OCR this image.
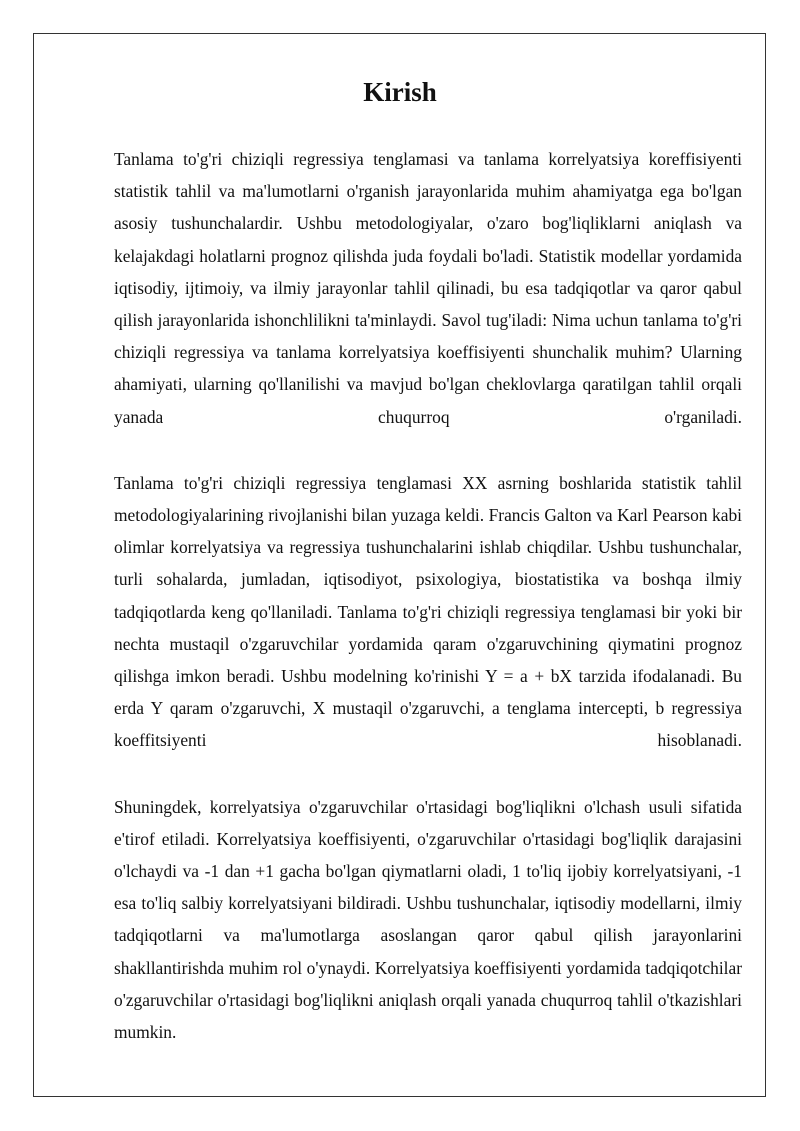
Kirish

Tanlama to'g'ri chiziqli regressiya tenglamasi va tanlama korrelyatsiya koreffisiyenti statistik tahlil va ma'lumotlarni o'rganish jarayonlarida muhim ahamiyatga ega bo'lgan asosiy tushunchalardir. Ushbu metodologiyalar, o'zaro bog'liqliklarni aniqlash va kelajakdagi holatlarni prognoz qilishda juda foydali bo'ladi. Statistik modellar yordamida iqtisodiy, ijtimoiy, va ilmiy jarayonlar tahlil qilinadi, bu esa tadqiqotlar va qaror qabul qilish jarayonlarida ishonchlilikni ta'minlaydi. Savol tug'iladi: Nima uchun tanlama to'g'ri chiziqli regressiya va tanlama korrelyatsiya koeffisiyenti shunchalik muhim? Ularning ahamiyati, ularning qo'llanilishi va mavjud bo'lgan cheklovlarga qaratilgan tahlil orqali yanada chuqurroq o'rganiladi.

Tanlama to'g'ri chiziqli regressiya tenglamasi XX asrning boshlarida statistik tahlil metodologiyalarining rivojlanishi bilan yuzaga keldi. Francis Galton va Karl Pearson kabi olimlar korrelyatsiya va regressiya tushunchalarini ishlab chiqdilar. Ushbu tushunchalar, turli sohalarda, jumladan, iqtisodiyot, psixologiya, biostatistika va boshqa ilmiy tadqiqotlarda keng qo'llaniladi. Tanlama to'g'ri chiziqli regressiya tenglamasi bir yoki bir nechta mustaqil o'zgaruvchilar yordamida qaram o'zgaruvchining qiymatini prognoz qilishga imkon beradi. Ushbu modelning ko'rinishi Y = a + bX tarzida ifodalanadi. Bu erda Y qaram o'zgaruvchi, X mustaqil o'zgaruvchi, a tenglama intercepti, b regressiya koeffitsiyenti hisoblanadi.

Shuningdek, korrelyatsiya o'zgaruvchilar o'rtasidagi bog'liqlikni o'lchash usuli sifatida e'tirof etiladi. Korrelyatsiya koeffisiyenti, o'zgaruvchilar o'rtasidagi bog'liqlik darajasini o'lchaydi va -1 dan +1 gacha bo'lgan qiymatlarni oladi, 1 to'liq ijobiy korrelyatsiyani, -1 esa to'liq salbiy korrelyatsiyani bildiradi. Ushbu tushunchalar, iqtisodiy modellarni, ilmiy tadqiqotlarni va ma'lumotlarga asoslangan qaror qabul qilish jarayonlarini shakllantirishda muhim rol o'ynaydi. Korrelyatsiya koeffisiyenti yordamida tadqiqotchilar o'zgaruvchilar o'rtasidagi bog'liqlikni aniqlash orqali yanada chuqurroq tahlil o'tkazishlari mumkin.
